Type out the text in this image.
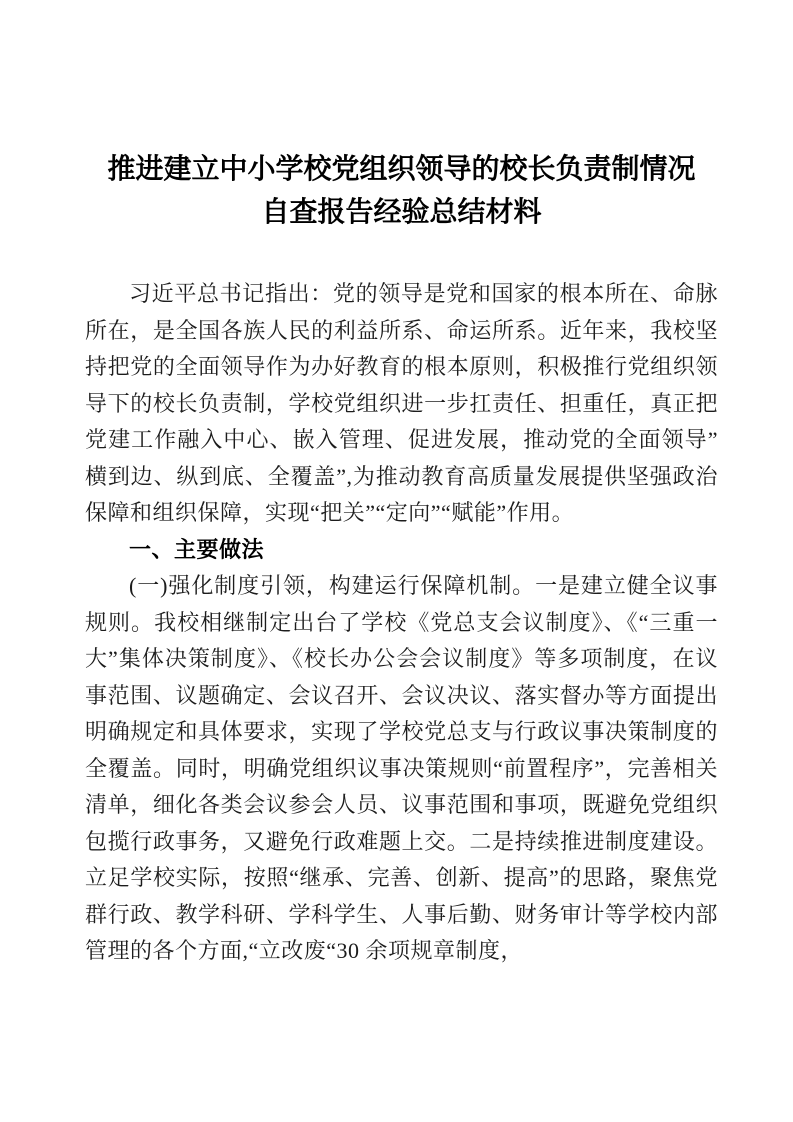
推进建立中小学校党组织领导的校长负责制情况
自查报告经验总结材料

习近平总书记指出：党的领导是党和国家的根本所在、命脉所在，是全国各族人民的利益所系、命运所系。近年来，我校坚持把党的全面领导作为办好教育的根本原则，积极推行党组织领导下的校长负责制，学校党组织进一步扛责任、担重任，真正把党建工作融入中心、嵌入管理、促进发展，推动党的全面领导”横到边、纵到底、全覆盖”,为推动教育高质量发展提供坚强政治保障和组织保障，实现“把关”“定向”“赋能”作用。

一、主要做法

(一)强化制度引领，构建运行保障机制。一是建立健全议事规则。我校相继制定出台了学校《党总支会议制度》、《“三重一大”集体决策制度》、《校长办公会会议制度》等多项制度，在议事范围、议题确定、会议召开、会议决议、落实督办等方面提出明确规定和具体要求，实现了学校党总支与行政议事决策制度的全覆盖。同时，明确党组织议事决策规则“前置程序”，完善相关清单，细化各类会议参会人员、议事范围和事项，既避免党组织包揽行政事务，又避免行政难题上交。二是持续推进制度建设。立足学校实际，按照“继承、完善、创新、提高”的思路，聚焦党群行政、教学科研、学科学生、人事后勤、财务审计等学校内部管理的各个方面,“立改废“30 余项规章制度，
